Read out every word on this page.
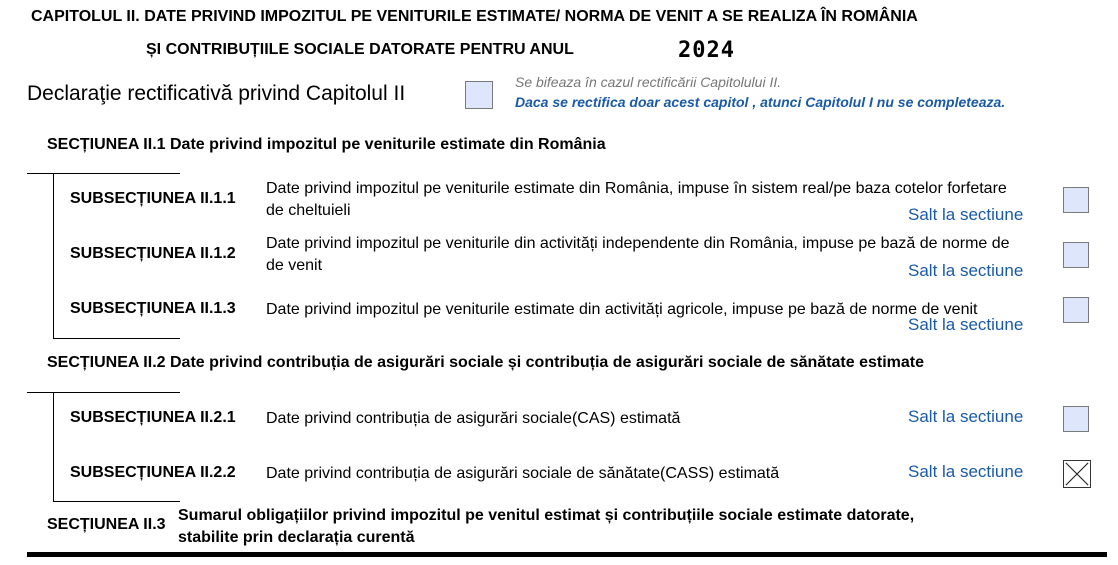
CAPITOLUL II. DATE PRIVIND IMPOZITUL PE VENITURILE ESTIMATE/ NORMA DE VENIT A SE REALIZA ÎN ROMÂNIA
ȘI CONTRIBUȚIILE SOCIALE DATORATE PENTRU ANUL	2024
Declaraţie rectificativă privind Capitolul II	Se bifeaza în cazul rectificării Capitolului II.
Daca se rectifica doar acest capitol , atunci Capitolul I nu se completeaza.
SECȚIUNEA II.1 Date privind impozitul pe veniturile estimate din România
SUBSECȚIUNEA II.1.1
Date privind impozitul pe veniturile estimate din România, impuse în sistem real/pe baza cotelor forfetare
de cheltuieli	Salt la sectiune
SUBSECȚIUNEA II.1.2
Date privind impozitul pe veniturile din activități independente din România, impuse pe bază de norme de
de venit	Salt la sectiune
SUBSECȚIUNEA II.1.3 Date privind impozitul pe veniturile estimate din activități agricole, impuse pe bază de norme de venit
Salt la sectiune
SECȚIUNEA II.2 Date privind contribuția de asigurări sociale și contribuția de asigurări sociale de sănătate estimate
SUBSECȚIUNEA II.2.1 Date privind contribuția de asigurări sociale(CAS) estimată	Salt la sectiune
SUBSECȚIUNEA II.2.2 Date privind contribuția de asigurări sociale de sănătate(CASS) estimată	Salt la sectiune
SECȚIUNEA II.3
Sumarul obligațiilor privind impozitul pe venitul estimat și contribuțiile sociale estimate datorate,
stabilite prin declarația curentă
